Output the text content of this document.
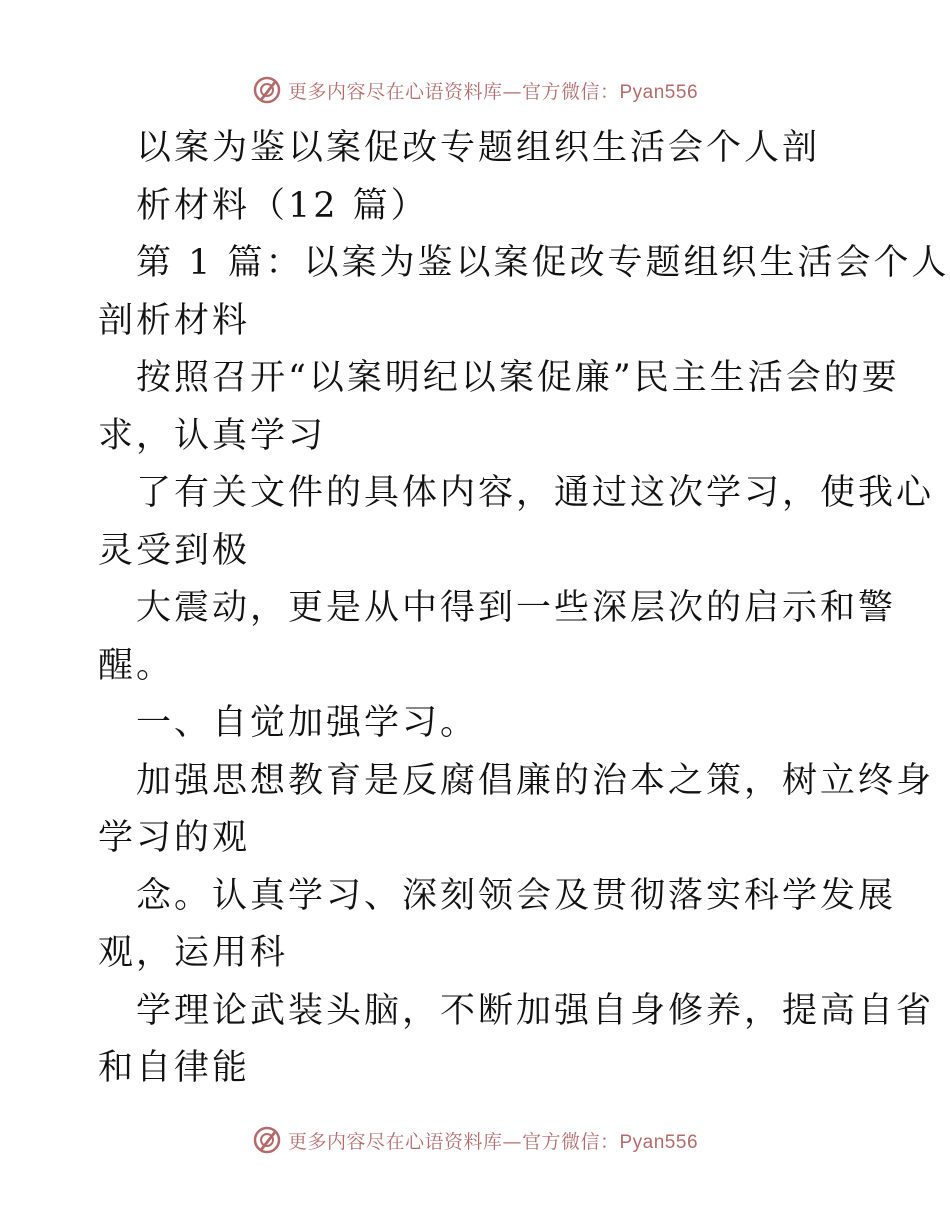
更多内容尽在心语资料库—官方微信：Pyan556
以案为鉴以案促改专题组织生活会个人剖
析材料（12 篇）
第 1 篇：以案为鉴以案促改专题组织生活会个人
剖析材料
按照召开“以案明纪以案促廉”民主生活会的要
求，认真学习
了有关文件的具体内容，通过这次学习，使我心
灵受到极
大震动，更是从中得到一些深层次的启示和警
醒。
一、自觉加强学习。
加强思想教育是反腐倡廉的治本之策，树立终身
学习的观
念。认真学习、深刻领会及贯彻落实科学发展
观，运用科
学理论武装头脑，不断加强自身修养，提高自省
和自律能
更多内容尽在心语资料库—官方微信：Pyan556
